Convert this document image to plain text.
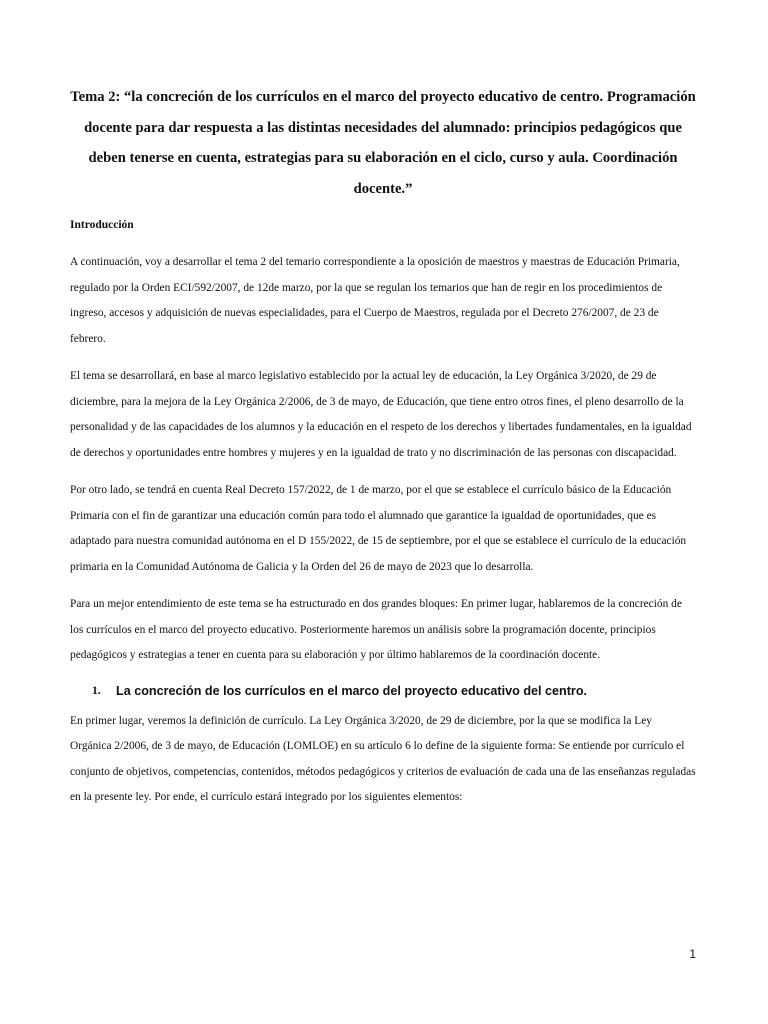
Tema 2: “la concreción de los currículos en el marco del proyecto educativo de centro. Programación docente para dar respuesta a las distintas necesidades del alumnado: principios pedagógicos que deben tenerse en cuenta, estrategias para su elaboración en el ciclo, curso y aula. Coordinación docente.”
Introducción

A continuación, voy a desarrollar el tema 2 del temario correspondiente a la oposición de maestros y maestras de Educación Primaria, regulado por la Orden ECI/592/2007, de 12de marzo, por la que se regulan los temarios que han de regir en los procedimientos de ingreso, accesos y adquisición de nuevas especialidades, para el Cuerpo de Maestros, regulada por el Decreto 276/2007, de 23 de febrero.

El tema se desarrollará, en base al marco legislativo establecido por la actual ley de educación, la Ley Orgánica 3/2020, de 29 de diciembre, para la mejora de la Ley Orgánica 2/2006, de 3 de mayo, de Educación, que tiene entro otros fines, el pleno desarrollo de la personalidad y de las capacidades de los alumnos y la educación en el respeto de los derechos y libertades fundamentales, en la igualdad de derechos y oportunidades entre hombres y mujeres y en la igualdad de trato y no discriminación de las personas con discapacidad.

Por otro lado, se tendrá en cuenta Real Decreto 157/2022, de 1 de marzo, por el que se establece el currículo básico de la Educación Primaria con el fin de garantizar una educación común para todo el alumnado que garantice la igualdad de oportunidades, que es adaptado para nuestra comunidad autónoma en el D 155/2022, de 15 de septiembre, por el que se establece el currículo de la educación primaria en la Comunidad Autónoma de Galicia y la Orden del 26 de mayo de 2023 que lo desarrolla.

Para un mejor entendimiento de este tema se ha estructurado en dos grandes bloques: En primer lugar, hablaremos de la concreción de los currículos en el marco del proyecto educativo. Posteriormente haremos un análisis sobre la programación docente, principios pedagógicos y estrategias a tener en cuenta para su elaboración y por último hablaremos de la coordinación docente.

1.	La concreción de los currículos en el marco del proyecto educativo del centro.

En primer lugar, veremos la definición de currículo. La Ley Orgánica 3/2020, de 29 de diciembre, por la que se modifica la Ley Orgánica 2/2006, de 3 de mayo, de Educación (LOMLOE) en su artículo 6 lo define de la siguiente forma: Se entiende por currículo el conjunto de objetivos, competencias, contenidos, métodos pedagógicos y criterios de evaluación de cada una de las enseñanzas reguladas en la presente ley. Por ende, el currículo estará integrado por los siguientes elementos:

1
